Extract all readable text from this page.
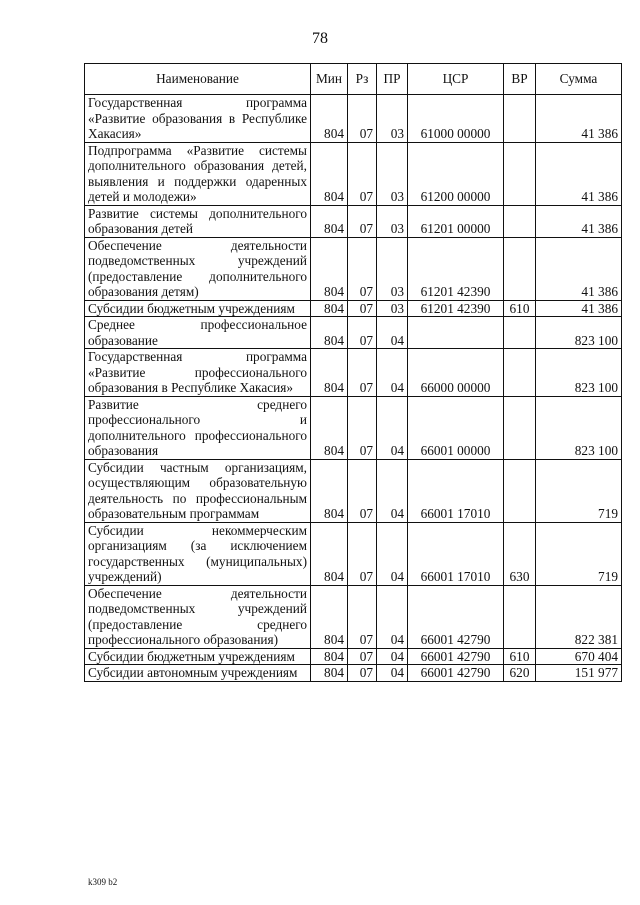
78
Наименование	Мин	Рз	ПР	ЦСР	ВР	Сумма
Государственная программа «Развитие образования в Республике Хакасия»	804	07	03	61000 00000		41 386
Подпрограмма «Развитие системы дополнительного образования детей, выявления и поддержки одаренных детей и молодежи»	804	07	03	61200 00000		41 386
Развитие системы дополнительного образования детей	804	07	03	61201 00000		41 386
Обеспечение деятельности подведомственных учреждений (предоставление дополнительного образования детям)	804	07	03	61201 42390		41 386
Субсидии бюджетным учреждениям	804	07	03	61201 42390	610	41 386
Среднее профессиональное образование	804	07	04			823 100
Государственная программа «Развитие профессионального образования в Республике Хакасия»	804	07	04	66000 00000		823 100
Развитие среднего профессионального и дополнительного профессионального образования	804	07	04	66001 00000		823 100
Субсидии частным организациям, осуществляющим образовательную деятельность по профессиональным образовательным программам	804	07	04	66001 17010		719
Субсидии некоммерческим организациям (за исключением государственных (муниципальных) учреждений)	804	07	04	66001 17010	630	719
Обеспечение деятельности подведомственных учреждений (предоставление среднего профессионального образования)	804	07	04	66001 42790		822 381
Субсидии бюджетным учреждениям	804	07	04	66001 42790	610	670 404
Субсидии автономным учреждениям	804	07	04	66001 42790	620	151 977
k309 b2
